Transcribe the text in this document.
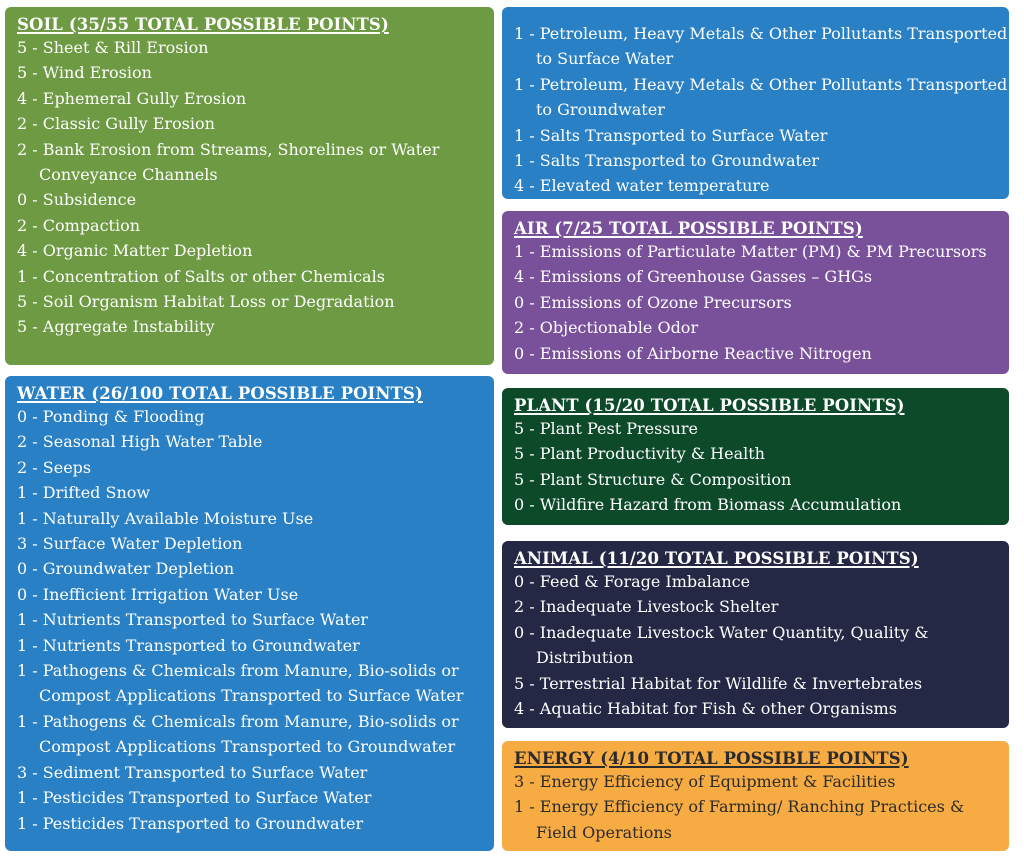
SOIL (35/55 TOTAL POSSIBLE POINTS)
5 - Sheet & Rill Erosion
5 - Wind Erosion
4 - Ephemeral Gully Erosion
2 - Classic Gully Erosion
2 - Bank Erosion from Streams, Shorelines or Water
Conveyance Channels
0 - Subsidence
2 - Compaction
4 - Organic Matter Depletion
1 - Concentration of Salts or other Chemicals
5 - Soil Organism Habitat Loss or Degradation
5 - Aggregate Instability
WATER (26/100 TOTAL POSSIBLE POINTS)
0 - Ponding & Flooding
2 - Seasonal High Water Table
2 - Seeps
1 - Drifted Snow
1 - Naturally Available Moisture Use
3 - Surface Water Depletion
0 - Groundwater Depletion
0 - Inefficient Irrigation Water Use
1 - Nutrients Transported to Surface Water
1 - Nutrients Transported to Groundwater
1 - Pathogens & Chemicals from Manure, Bio-solids or
Compost Applications Transported to Surface Water
1 - Pathogens & Chemicals from Manure, Bio-solids or
Compost Applications Transported to Groundwater
3 - Sediment Transported to Surface Water
1 - Pesticides Transported to Surface Water
1 - Pesticides Transported to Groundwater
1 - Petroleum, Heavy Metals & Other Pollutants Transported
to Surface Water
1 - Petroleum, Heavy Metals & Other Pollutants Transported
to Groundwater
1 - Salts Transported to Surface Water
1 - Salts Transported to Groundwater
4 - Elevated water temperature
AIR (7/25 TOTAL POSSIBLE POINTS)
1 - Emissions of Particulate Matter (PM) & PM Precursors
4 - Emissions of Greenhouse Gasses – GHGs
0 - Emissions of Ozone Precursors
2 - Objectionable Odor
0 - Emissions of Airborne Reactive Nitrogen
PLANT (15/20 TOTAL POSSIBLE POINTS)
5 - Plant Pest Pressure
5 - Plant Productivity & Health
5 - Plant Structure & Composition
0 - Wildfire Hazard from Biomass Accumulation
ANIMAL (11/20 TOTAL POSSIBLE POINTS)
0 - Feed & Forage Imbalance
2 - Inadequate Livestock Shelter
0 - Inadequate Livestock Water Quantity, Quality &
Distribution
5 - Terrestrial Habitat for Wildlife & Invertebrates
4 - Aquatic Habitat for Fish & other Organisms
ENERGY (4/10 TOTAL POSSIBLE POINTS)
3 - Energy Efficiency of Equipment & Facilities
1 - Energy Efficiency of Farming/ Ranching Practices &
Field Operations
